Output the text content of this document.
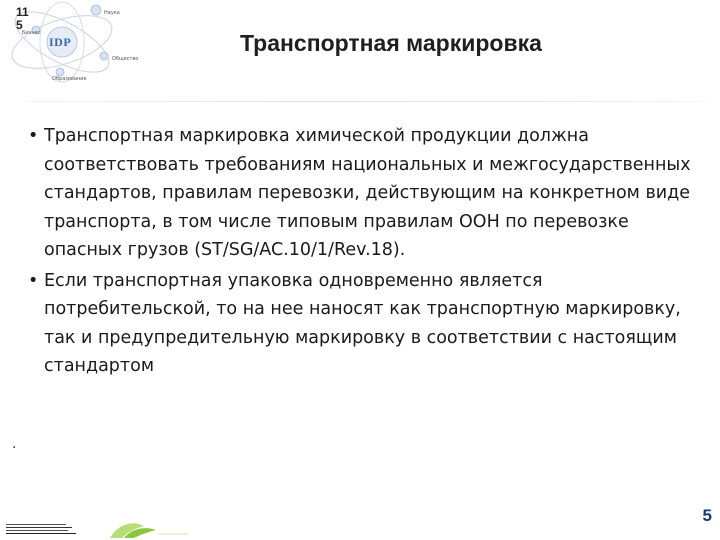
11
5
IDP
Наука
Бизнес
Общество
Образование
Транспортная маркировка
• Транспортная маркировка химической продукции должна соответствовать требованиям национальных и межгосударственных стандартов, правилам перевозки, действующим на конкретном виде транспорта, в том числе типовым правилам ООН по перевозке опасных грузов (ST/SG/AC.10/1/Rev.18).
• Если транспортная упаковка одновременно является потребительской, то на нее наносят как транспортную маркировку, так и предупредительную маркировку в соответствии с настоящим стандартом
.
5
